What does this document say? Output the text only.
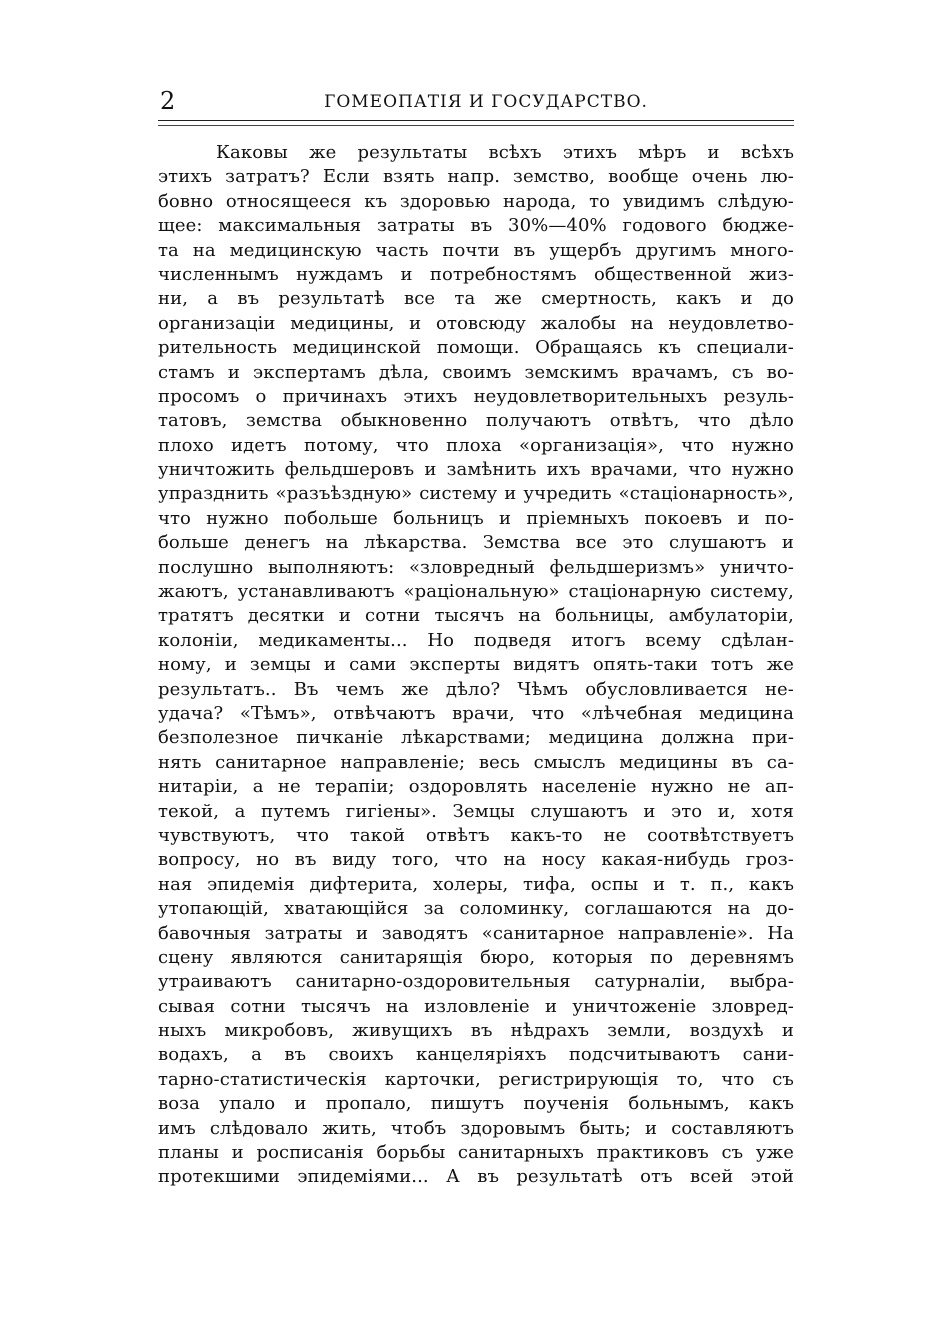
2	ГОМЕОПАТІЯ И ГОСУДАРСТВО.
Каковы же результаты всѣхъ этихъ мѣръ и всѣхъ
этихъ затратъ? Если взять напр. земство, вообще очень лю-
бовно относящееся къ здоровью народа, то увидимъ слѣдую-
щее: максимальныя затраты въ 30%—40% годового бюдже-
та на медицинскую часть почти въ ущербъ другимъ много-
численнымъ нуждамъ и потребностямъ общественной жиз-
ни, а въ результатѣ все та же смертность, какъ и до
организаціи медицины, и отовсюду жалобы на неудовлетво-
рительность медицинской помощи. Обращаясь къ специали-
стамъ и экспертамъ дѣла, своимъ земскимъ врачамъ, съ во-
просомъ о причинахъ этихъ неудовлетворительныхъ резуль-
татовъ, земства обыкновенно получаютъ отвѣтъ, что дѣло
плохо идетъ потому, что плоха «организація», что нужно
уничтожить фельдшеровъ и замѣнить ихъ врачами, что нужно
упразднить «разъѣздную» систему и учредить «стаціонарность»,
что нужно побольше больницъ и пріемныхъ покоевъ и по-
больше денегъ на лѣкарства. Земства все это слушаютъ и
послушно выполняютъ: «зловредный фельдшеризмъ» уничто-
жаютъ, устанавливаютъ «раціональную» стаціонарную систему,
тратятъ десятки и сотни тысячъ на больницы, амбулаторіи,
колоніи, медикаменты... Но подведя итогъ всему сдѣлан-
ному, и земцы и сами эксперты видятъ опять-таки тотъ же
результатъ.. Въ чемъ же дѣло? Чѣмъ обусловливается не-
удача? «Тѣмъ», отвѣчаютъ врачи, что «лѣчебная медицина
безполезное пичканіе лѣкарствами; медицина должна при-
нять санитарное направленіе; весь смыслъ медицины въ са-
нитаріи, а не терапіи; оздоровлять населеніе нужно не ап-
текой, а путемъ гигіены». Земцы слушаютъ и это и, хотя
чувствуютъ, что такой отвѣтъ какъ-то не соотвѣтствуетъ
вопросу, но въ виду того, что на носу какая-нибудь гроз-
ная эпидемія дифтерита, холеры, тифа, оспы и т. п., какъ
утопающій, хватающійся за соломинку, соглашаются на до-
бавочныя затраты и заводятъ «санитарное направленіе». На
сцену являются санитарящія бюро, которыя по деревнямъ
утраиваютъ санитарно-оздоровительныя сатурналіи, выбра-
сывая сотни тысячъ на изловленіе и уничтоженіе зловред-
ныхъ микробовъ, живущихъ въ нѣдрахъ земли, воздухѣ и
водахъ, а въ своихъ канцеляріяхъ подсчитываютъ сани-
тарно-статистическія карточки, регистрирующія то, что съ
воза упало и пропало, пишутъ поученія больнымъ, какъ
имъ слѣдовало жить, чтобъ здоровымъ быть; и составляютъ
планы и росписанія борьбы санитарныхъ практиковъ съ уже
протекшими эпидеміями... А въ результатѣ отъ всей этой
